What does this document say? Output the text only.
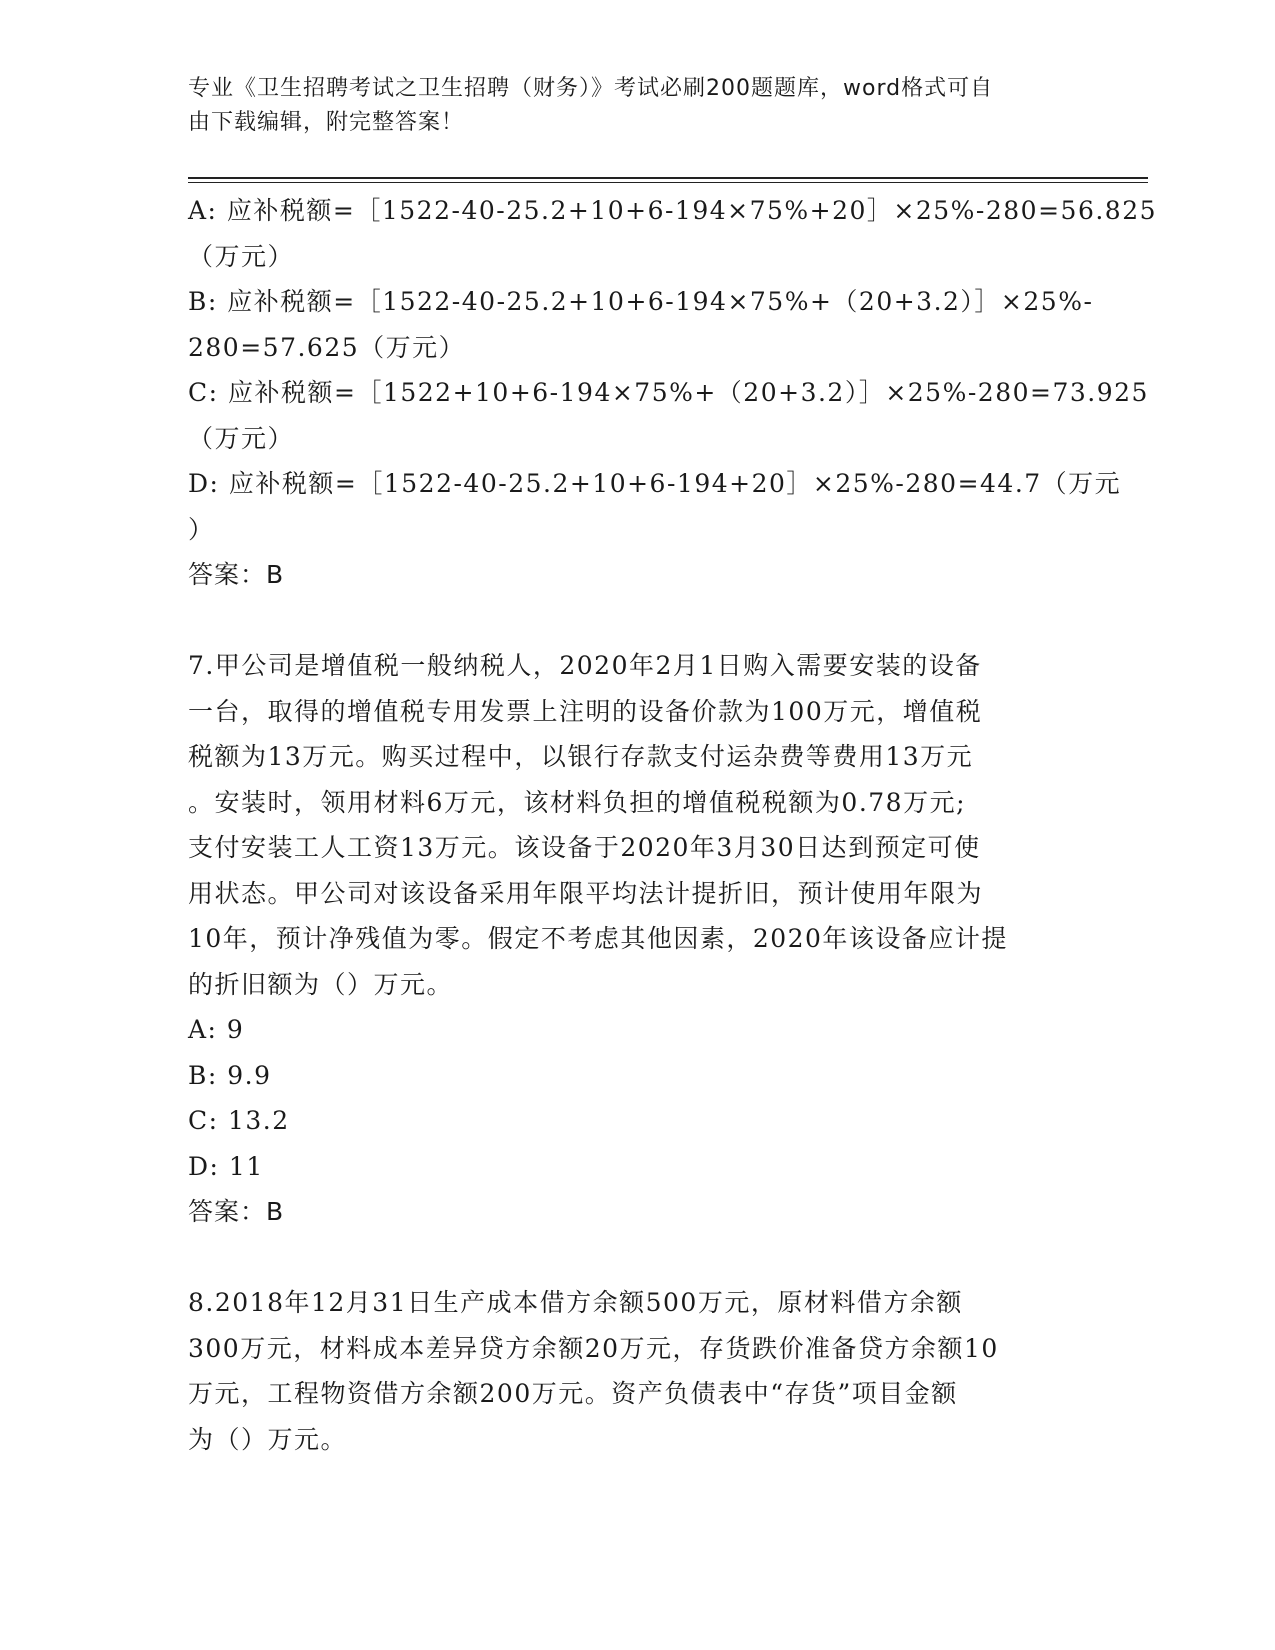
专业《卫生招聘考试之卫生招聘（财务）》考试必刷200题题库，word格式可自
由下载编辑，附完整答案！
A: 应补税额=［1522-40-25.2+10+6-194×75%+20］×25%-280=56.825
（万元）
B: 应补税额=［1522-40-25.2+10+6-194×75%+（20+3.2）］×25%-
280=57.625（万元）
C: 应补税额=［1522+10+6-194×75%+（20+3.2）］×25%-280=73.925
（万元）
D: 应补税额=［1522-40-25.2+10+6-194+20］×25%-280=44.7（万元
）
答案：B
7.甲公司是增值税一般纳税人，2020年2月1日购入需要安装的设备
一台，取得的增值税专用发票上注明的设备价款为100万元，增值税
税额为13万元。购买过程中，以银行存款支付运杂费等费用13万元
。安装时，领用材料6万元，该材料负担的增值税税额为0.78万元;
支付安装工人工资13万元。该设备于2020年3月30日达到预定可使
用状态。甲公司对该设备采用年限平均法计提折旧，预计使用年限为
10年，预计净残值为零。假定不考虑其他因素，2020年该设备应计提
的折旧额为（）万元。
A: 9
B: 9.9
C: 13.2
D: 11
答案：B
8.2018年12月31日生产成本借方余额500万元，原材料借方余额
300万元，材料成本差异贷方余额20万元，存货跌价准备贷方余额10
万元，工程物资借方余额200万元。资产负债表中“存货”项目金额
为（）万元。
